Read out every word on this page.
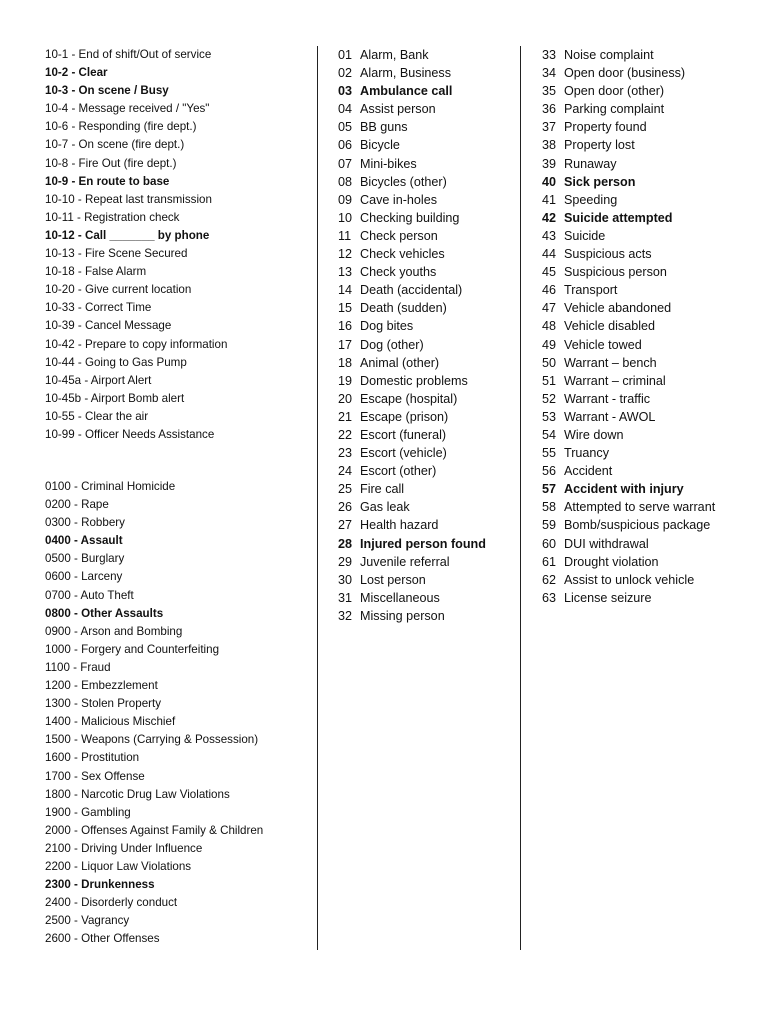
10-1 - End of shift/Out of service
10-2 - Clear
10-3 - On scene / Busy
10-4 - Message received / "Yes"
10-6 - Responding (fire dept.)
10-7 - On scene (fire dept.)
10-8 - Fire Out (fire dept.)
10-9 - En route to base
10-10 - Repeat last transmission
10-11 - Registration check
10-12 - Call _______ by phone
10-13 - Fire Scene Secured
10-18 - False Alarm
10-20 - Give current location
10-33 - Correct Time
10-39 - Cancel Message
10-42 - Prepare to copy information
10-44 - Going to Gas Pump
10-45a - Airport Alert
10-45b - Airport Bomb alert
10-55 - Clear the air
10-99 - Officer Needs Assistance
0100 - Criminal Homicide
0200 - Rape
0300 - Robbery
0400 - Assault
0500 - Burglary
0600 - Larceny
0700 - Auto Theft
0800 - Other Assaults
0900 - Arson and Bombing
1000 - Forgery and Counterfeiting
1100 - Fraud
1200 - Embezzlement
1300 - Stolen Property
1400 - Malicious Mischief
1500 - Weapons (Carrying & Possession)
1600 - Prostitution
1700 - Sex Offense
1800 - Narcotic Drug Law Violations
1900 - Gambling
2000 - Offenses Against Family & Children
2100 - Driving Under Influence
2200 - Liquor Law Violations
2300 - Drunkenness
2400 - Disorderly conduct
2500 - Vagrancy
2600 - Other Offenses
01 Alarm, Bank
02 Alarm, Business
03 Ambulance call
04 Assist person
05 BB guns
06 Bicycle
07 Mini-bikes
08 Bicycles (other)
09 Cave in-holes
10 Checking building
11 Check person
12 Check vehicles
13 Check youths
14 Death (accidental)
15 Death (sudden)
16 Dog bites
17 Dog (other)
18 Animal (other)
19 Domestic problems
20 Escape (hospital)
21 Escape (prison)
22 Escort (funeral)
23 Escort (vehicle)
24 Escort (other)
25 Fire call
26 Gas leak
27 Health hazard
28 Injured person found
29 Juvenile referral
30 Lost person
31 Miscellaneous
32 Missing person
33 Noise complaint
34 Open door (business)
35 Open door (other)
36 Parking complaint
37 Property found
38 Property lost
39 Runaway
40 Sick person
41 Speeding
42 Suicide attempted
43 Suicide
44 Suspicious acts
45 Suspicious person
46 Transport
47 Vehicle abandoned
48 Vehicle disabled
49 Vehicle towed
50 Warrant – bench
51 Warrant – criminal
52 Warrant - traffic
53 Warrant - AWOL
54 Wire down
55 Truancy
56 Accident
57 Accident with injury
58 Attempted to serve warrant
59 Bomb/suspicious package
60 DUI withdrawal
61 Drought violation
62 Assist to unlock vehicle
63 License seizure
